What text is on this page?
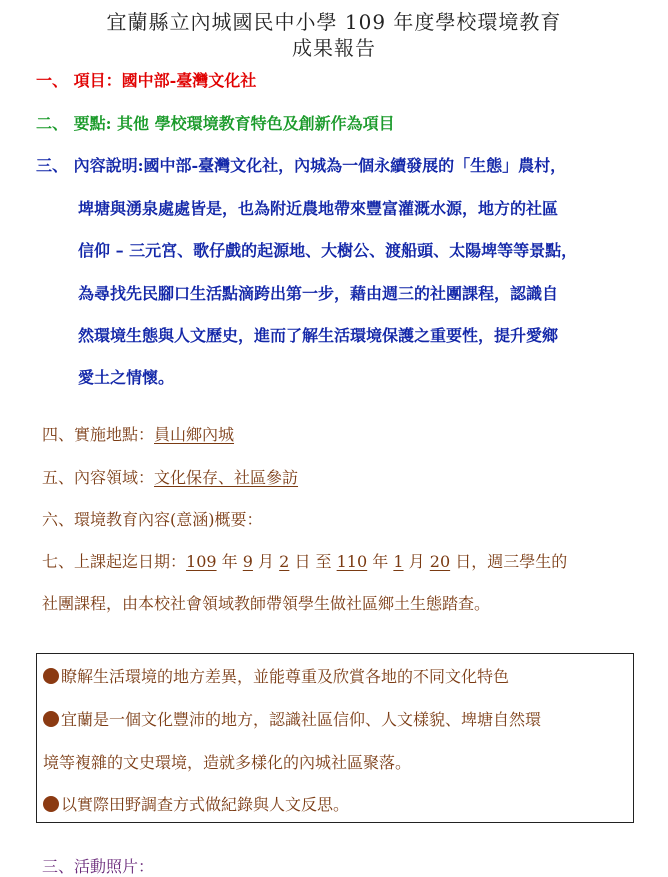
宜蘭縣立內城國民中小學 109 年度學校環境教育
成果報告
一、 項目：國中部-臺灣文化社
二、 要點: 其他 學校環境教育特色及創新作為項目
三、 內容說明:國中部-臺灣文化社，內城為一個永續發展的「生態」農村，
埤塘與湧泉處處皆是，也為附近農地帶來豐富灌溉水源，地方的社區
信仰 – 三元宮、歌仔戲的起源地、大樹公、渡船頭、太陽埤等等景點，
為尋找先民腳口生活點滴跨出第一步，藉由週三的社團課程，認識自
然環境生態與人文歷史，進而了解生活環境保護之重要性，提升愛鄉
愛土之情懷。
四、實施地點：員山鄉內城
五、內容領域：文化保存、社區參訪
六、環境教育內容(意涵)概要：
七、上課起迄日期：109 年 9 月 2 日 至 110 年 1 月 20 日，週三學生的
社團課程，由本校社會領域教師帶領學生做社區鄉土生態踏查。
瞭解生活環境的地方差異，並能尊重及欣賞各地的不同文化特色
宜蘭是一個文化豐沛的地方，認識社區信仰、人文樣貌、埤塘自然環
境等複雜的文史環境，造就多樣化的內城社區聚落。
以實際田野調查方式做紀錄與人文反思。
三、活動照片：
